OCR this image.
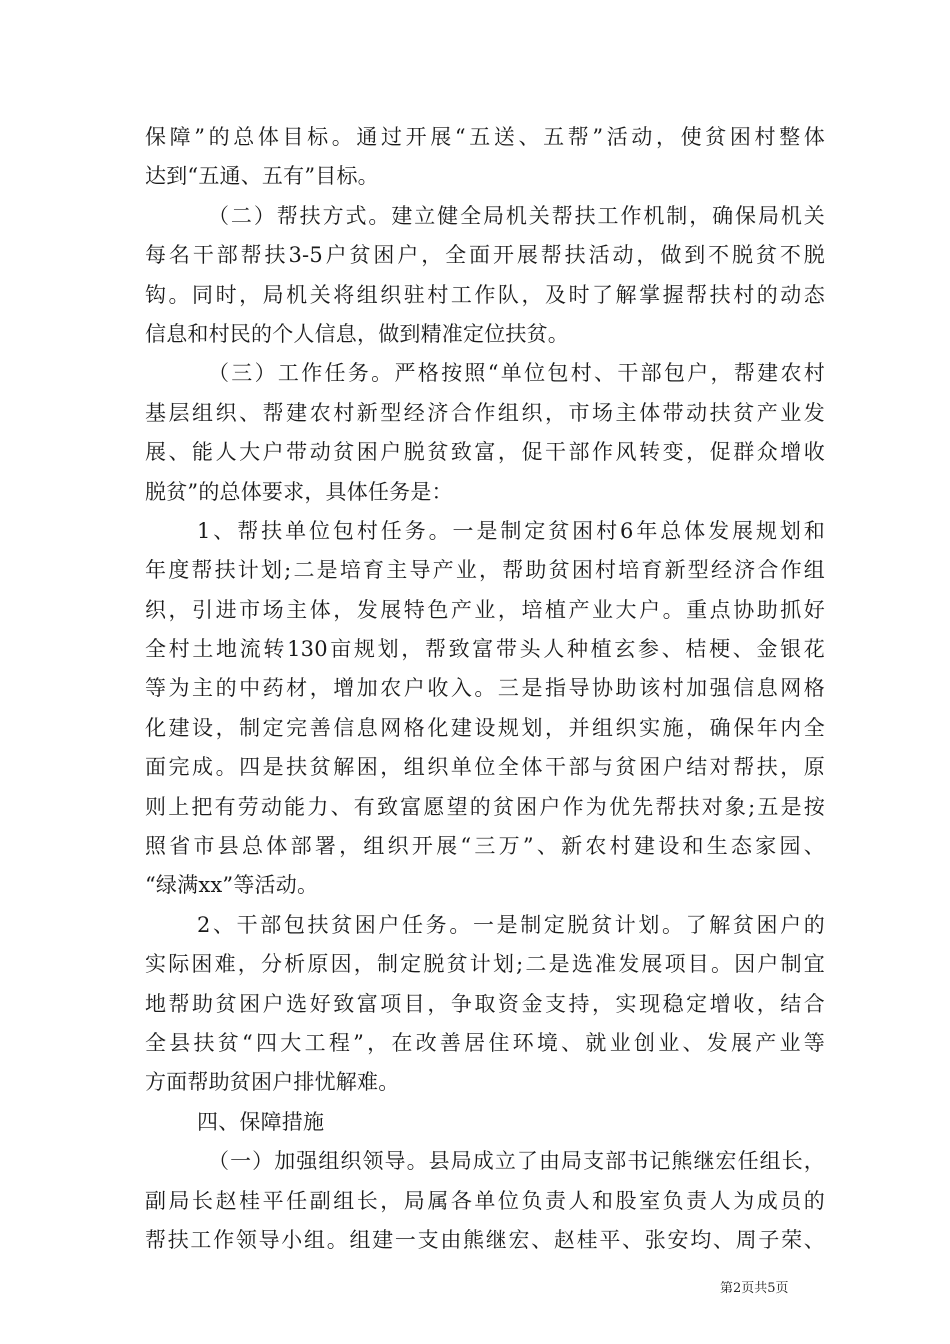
保障”的总体目标。通过开展“五送、五帮”活动，使贫困村整体
达到“五通、五有”目标。
（二）帮扶方式。建立健全局机关帮扶工作机制，确保局机关
每名干部帮扶3-5户贫困户，全面开展帮扶活动，做到不脱贫不脱
钩。同时，局机关将组织驻村工作队，及时了解掌握帮扶村的动态
信息和村民的个人信息，做到精准定位扶贫。
（三）工作任务。严格按照“单位包村、干部包户，帮建农村
基层组织、帮建农村新型经济合作组织，市场主体带动扶贫产业发
展、能人大户带动贫困户脱贫致富，促干部作风转变，促群众增收
脱贫”的总体要求，具体任务是：
1、帮扶单位包村任务。一是制定贫困村6年总体发展规划和
年度帮扶计划;二是培育主导产业，帮助贫困村培育新型经济合作组
织，引进市场主体，发展特色产业，培植产业大户。重点协助抓好
全村土地流转130亩规划，帮致富带头人种植玄参、桔梗、金银花
等为主的中药材，增加农户收入。三是指导协助该村加强信息网格
化建设，制定完善信息网格化建设规划，并组织实施，确保年内全
面完成。四是扶贫解困，组织单位全体干部与贫困户结对帮扶，原
则上把有劳动能力、有致富愿望的贫困户作为优先帮扶对象;五是按
照省市县总体部署，组织开展“三万”、新农村建设和生态家园、
“绿满xx”等活动。
2、干部包扶贫困户任务。一是制定脱贫计划。了解贫困户的
实际困难，分析原因，制定脱贫计划;二是选准发展项目。因户制宜
地帮助贫困户选好致富项目，争取资金支持，实现稳定增收，结合
全县扶贫“四大工程”，在改善居住环境、就业创业、发展产业等
方面帮助贫困户排忧解难。
四、保障措施
（一）加强组织领导。县局成立了由局支部书记熊继宏任组长，
副局长赵桂平任副组长，局属各单位负责人和股室负责人为成员的
帮扶工作领导小组。组建一支由熊继宏、赵桂平、张安均、周子荣、
第2页共5页
